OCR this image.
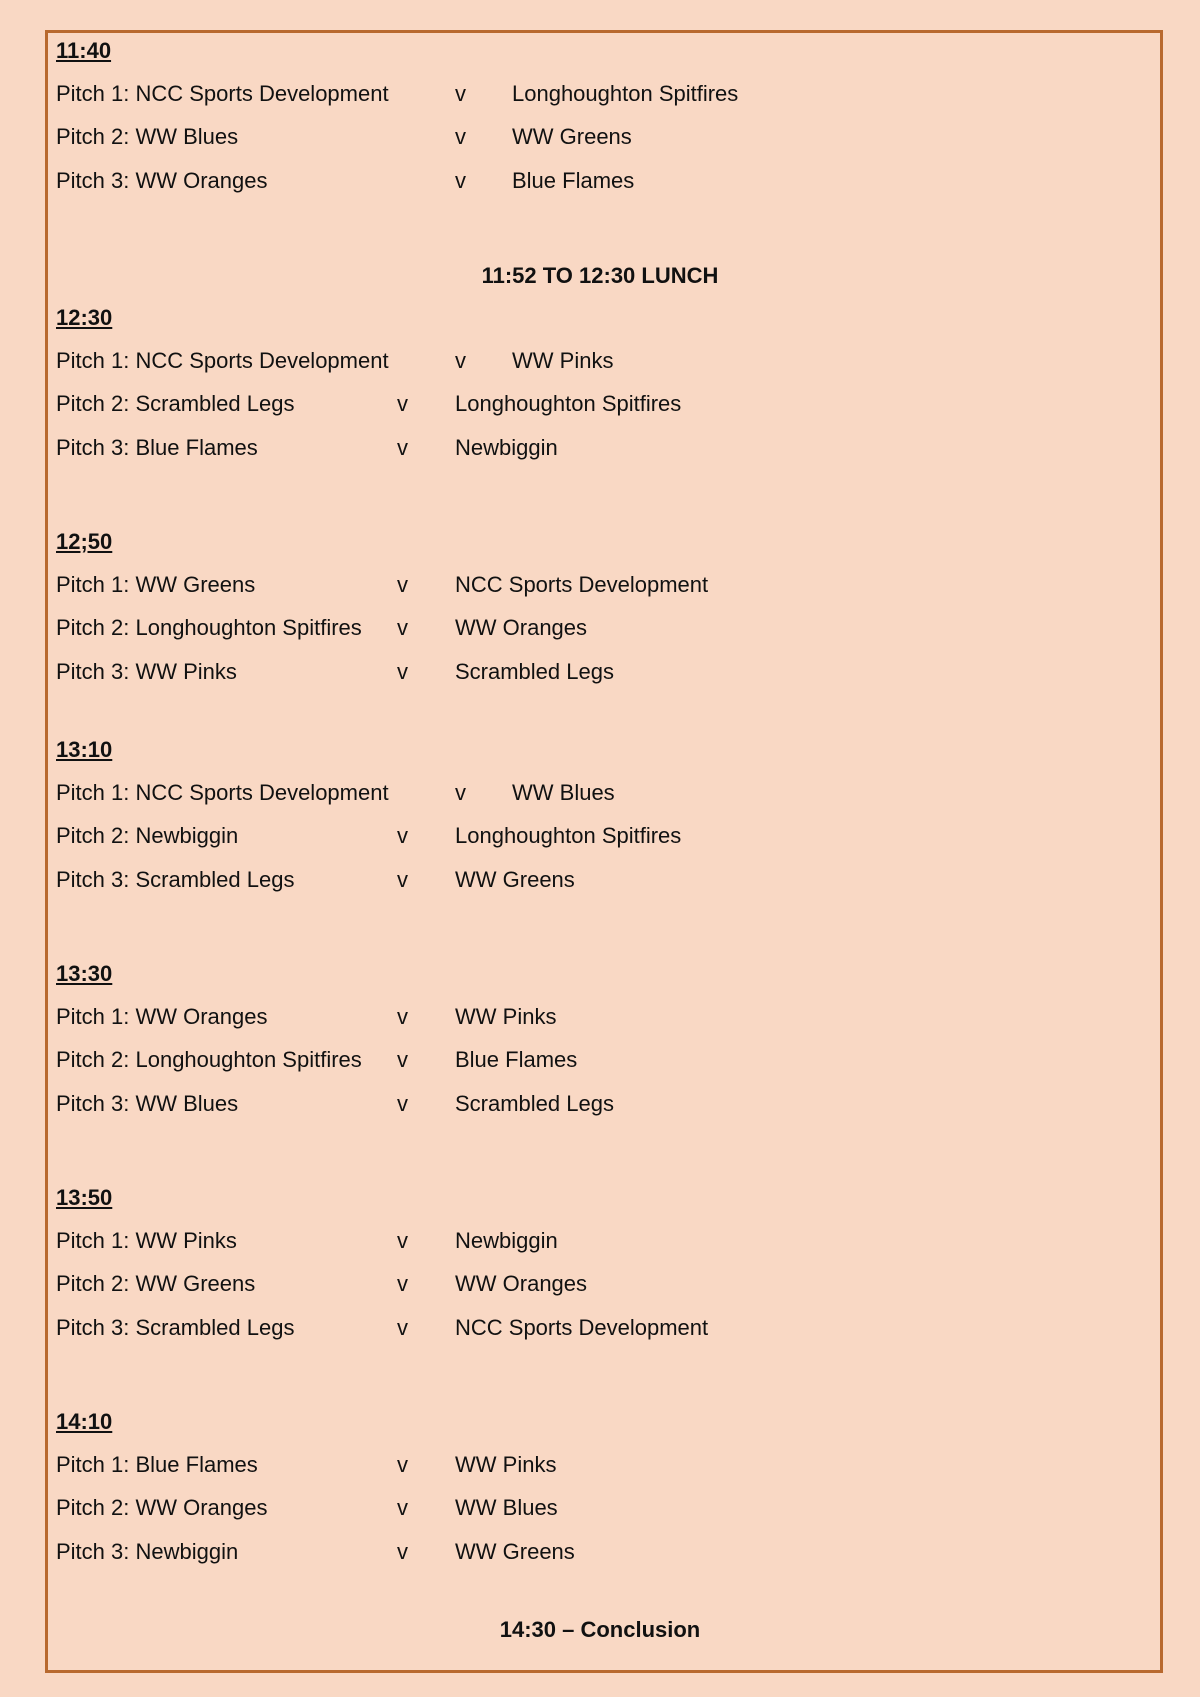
11:40
Pitch 1: NCC Sports Development	v Longhoughton Spitfires
Pitch 2: WW Blues	v WW Greens
Pitch 3: WW Oranges	v Blue Flames
12:30
Pitch 1: NCC Sports Development	v WW Pinks
Pitch 2: Scrambled Legs	v Longhoughton Spitfires
Pitch 3: Blue Flames	v Newbiggin
12;50
Pitch 1: WW Greens	v NCC Sports Development
Pitch 2: Longhoughton Spitfires v WW Oranges
Pitch 3: WW Pinks	v Scrambled Legs
13:10
Pitch 1: NCC Sports Development	v WW Blues
Pitch 2: Newbiggin	v Longhoughton Spitfires
Pitch 3: Scrambled Legs	v WW Greens
13:30
Pitch 1: WW Oranges	v WW Pinks
Pitch 2: Longhoughton Spitfires v Blue Flames
Pitch 3: WW Blues	v Scrambled Legs
13:50
Pitch 1: WW Pinks	v Newbiggin
Pitch 2: WW Greens	v WW Oranges
Pitch 3: Scrambled Legs	v NCC Sports Development
14:10
Pitch 1: Blue Flames	v WW Pinks
Pitch 2: WW Oranges	v WW Blues
Pitch 3: Newbiggin	v WW Greens
11:52 TO 12:30 LUNCH
14:30 – Conclusion
